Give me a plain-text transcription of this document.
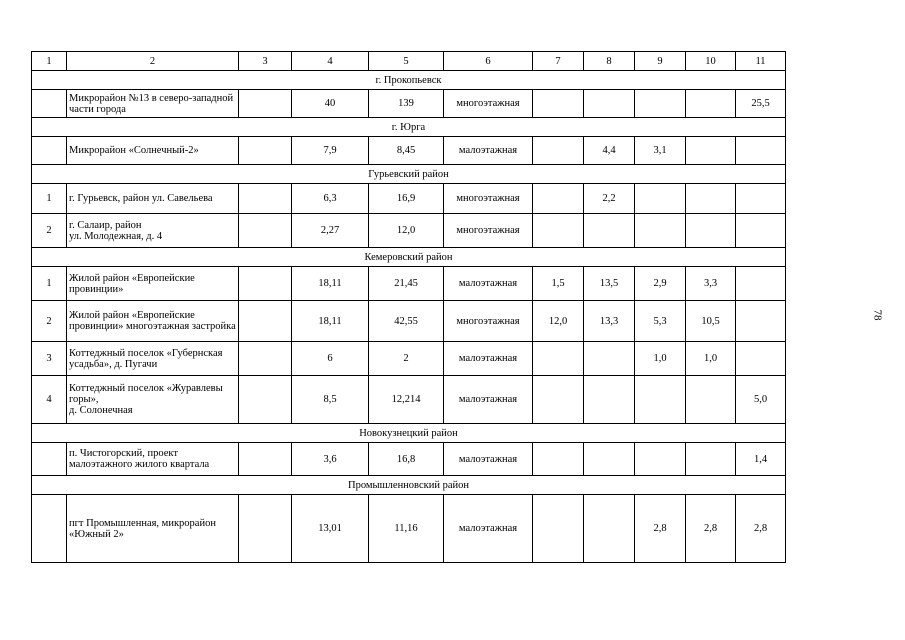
1	2	3	4	5	6	7	8	9	10	11
г. Прокопьевск										
	Микрорайон №13 в северо-западной части города		40	139	многоэтажная					25,5
г. Юрга										
	Микрорайон «Солнечный-2»		7,9	8,45	малоэтажная		4,4	3,1		
Гурьевский район										
1	г. Гурьевск, район ул. Савельева		6,3	16,9	многоэтажная		2,2			
2	г. Салаир, район
ул. Молодежная, д. 4		2,27	12,0	многоэтажная					
Кемеровский район										
1	Жилой район «Европейские провинции»		18,11	21,45	малоэтажная	1,5	13,5	2,9	3,3	
2	Жилой район «Европейские провинции» многоэтажная застройка		18,11	42,55	многоэтажная	12,0	13,3	5,3	10,5	
3	Коттеджный поселок «Губернская усадьба», д. Пугачи		6	2	малоэтажная			1,0	1,0	
4	Коттеджный поселок «Журавлевы горы»,
д. Солонечная		8,5	12,214	малоэтажная					5,0
Новокузнецкий район										
	п. Чистогорский, проект малоэтажного жилого квартала		3,6	16,8	малоэтажная					1,4
Промышленновский район										
	пгт Промышленная, микрорайон «Южный 2»		13,01	11,16	малоэтажная			2,8	2,8	2,8
78
